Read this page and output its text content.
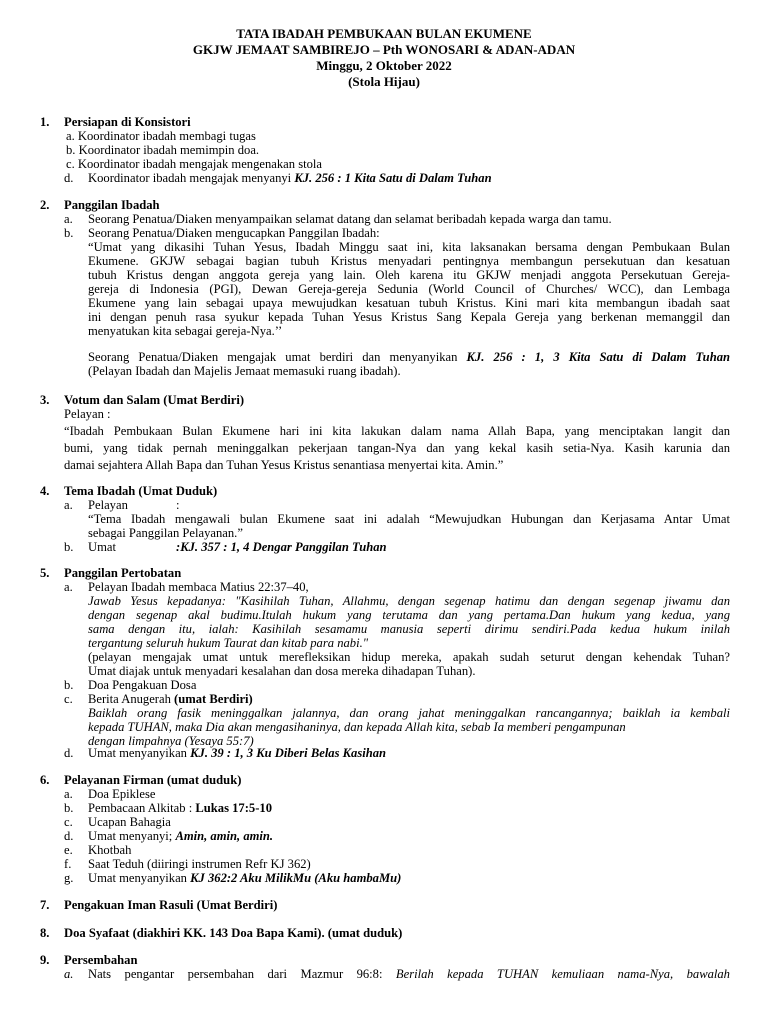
TATA IBADAH PEMBUKAAN BULAN EKUMENE
GKJW JEMAAT SAMBIREJO – Pth WONOSARI & ADAN-ADAN
Minggu, 2 Oktober 2022
(Stola Hijau)
1. Persiapan di Konsistori
a. Koordinator ibadah membagi tugas
b. Koordinator ibadah memimpin doa.
c. Koordinator ibadah mengajak mengenakan stola
d. Koordinator ibadah mengajak menyanyi KJ. 256 : 1 Kita Satu di Dalam Tuhan
2. Panggilan Ibadah
a. Seorang Penatua/Diaken menyampaikan selamat datang dan selamat beribadah kepada warga dan tamu.
b. Seorang Penatua/Diaken mengucapkan Panggilan Ibadah:
“Umat yang dikasihi Tuhan Yesus, Ibadah Minggu saat ini, kita laksanakan bersama dengan Pembukaan Bulan
Ekumene. GKJW sebagai bagian tubuh Kristus menyadari pentingnya membangun persekutuan dan kesatuan
tubuh Kristus dengan anggota gereja yang lain. Oleh karena itu GKJW menjadi anggota Persekutuan Gereja-
gereja di Indonesia (PGI), Dewan Gereja-gereja Sedunia (World Council of Churches/ WCC), dan Lembaga
Ekumene yang lain sebagai upaya mewujudkan kesatuan tubuh Kristus. Kini mari kita membangun ibadah saat
ini dengan penuh rasa syukur kepada Tuhan Yesus Kristus Sang Kepala Gereja yang berkenan memanggil dan
menyatukan kita sebagai gereja-Nya.’’
Seorang Penatua/Diaken mengajak umat berdiri dan menyanyikan KJ. 256 : 1, 3 Kita Satu di Dalam Tuhan
(Pelayan Ibadah dan Majelis Jemaat memasuki ruang ibadah).
3. Votum dan Salam (Umat Berdiri)
Pelayan :
“Ibadah Pembukaan Bulan Ekumene hari ini kita lakukan dalam nama Allah Bapa, yang menciptakan langit dan
bumi, yang tidak pernah meninggalkan pekerjaan tangan-Nya dan yang kekal kasih setia-Nya. Kasih karunia dan
damai sejahtera Allah Bapa dan Tuhan Yesus Kristus senantiasa menyertai kita. Amin.”
4. Tema Ibadah (Umat Duduk)
a. Pelayan	:
“Tema Ibadah mengawali bulan Ekumene saat ini adalah “Mewujudkan Hubungan dan Kerjasama Antar Umat
sebagai Panggilan Pelayanan.”
b. Umat	:KJ. 357 : 1, 4 Dengar Panggilan Tuhan
5. Panggilan Pertobatan
a. Pelayan Ibadah membaca Matius 22:37–40,
Jawab Yesus kepadanya: "Kasihilah Tuhan, Allahmu, dengan segenap hatimu dan dengan segenap jiwamu dan
dengan segenap akal budimu.Itulah hukum yang terutama dan yang pertama.Dan hukum yang kedua, yang
sama dengan itu, ialah: Kasihilah sesamamu manusia seperti dirimu sendiri.Pada kedua hukum inilah
tergantung seluruh hukum Taurat dan kitab para nabi."
(pelayan mengajak umat untuk merefleksikan hidup mereka, apakah sudah seturut dengan kehendak Tuhan?
Umat diajak untuk menyadari kesalahan dan dosa mereka dihadapan Tuhan).
b. Doa Pengakuan Dosa
c. Berita Anugerah (umat Berdiri)
Baiklah orang fasik meninggalkan jalannya, dan orang jahat meninggalkan rancangannya; baiklah ia kembali
kepada TUHAN, maka Dia akan mengasihaninya, dan kepada Allah kita, sebab Ia memberi pengampunan
dengan limpahnya (Yesaya 55:7)
d. Umat menyanyikan KJ. 39 : 1, 3 Ku Diberi Belas Kasihan
6. Pelayanan Firman (umat duduk)
a. Doa Epiklese
b. Pembacaan Alkitab : Lukas 17:5-10
c. Ucapan Bahagia
d. Umat menyanyi; Amin, amin, amin.
e. Khotbah
f. Saat Teduh (diiringi instrumen Refr KJ 362)
g. Umat menyanyikan KJ 362:2 Aku MilikMu (Aku hambaMu)
7. Pengakuan Iman Rasuli (Umat Berdiri)
8. Doa Syafaat (diakhiri KK. 143 Doa Bapa Kami). (umat duduk)
9. Persembahan
a. Nats pengantar persembahan dari Mazmur 96:8: Berilah kepada TUHAN kemuliaan nama-Nya, bawalah
